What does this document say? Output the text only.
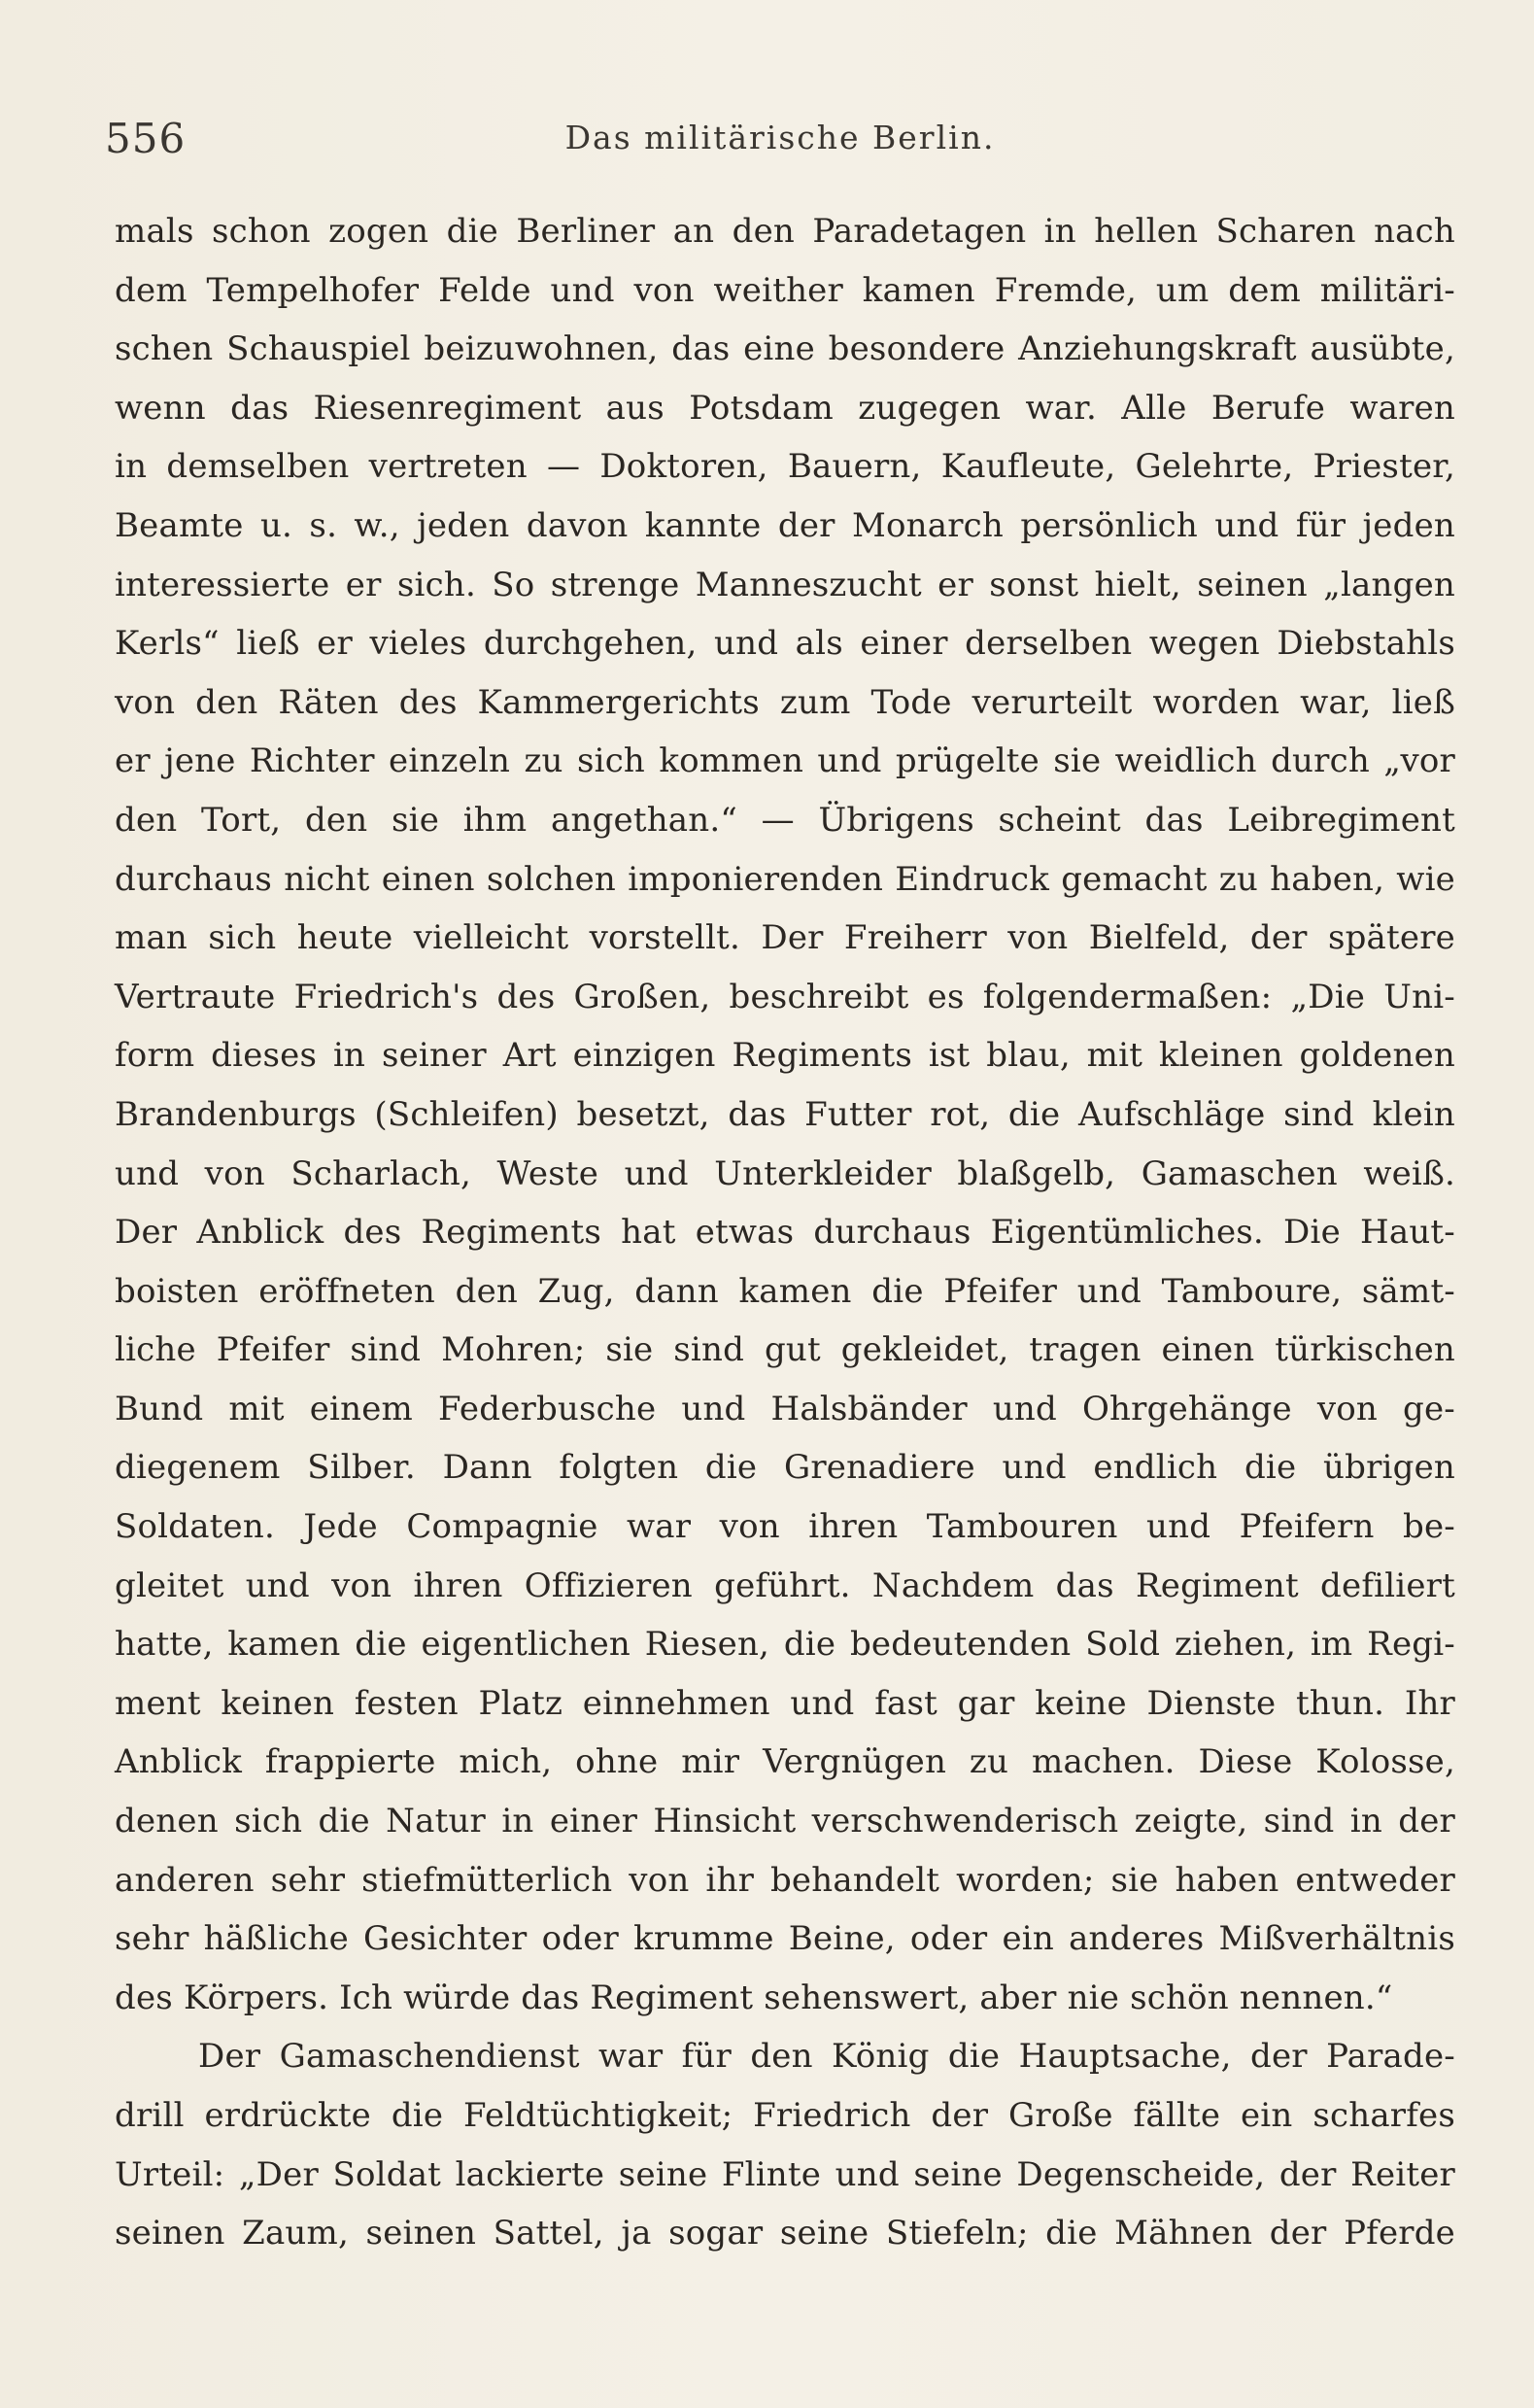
556	Das militärische Berlin.
mals schon zogen die Berliner an den Paradetagen in hellen Scharen nach
dem Tempelhofer Felde und von weither kamen Fremde, um dem militäri-
schen Schauspiel beizuwohnen, das eine besondere Anziehungskraft ausübte,
wenn das Riesenregiment aus Potsdam zugegen war. Alle Berufe waren
in demselben vertreten — Doktoren, Bauern, Kaufleute, Gelehrte, Priester,
Beamte u. s. w., jeden davon kannte der Monarch persönlich und für jeden
interessierte er sich. So strenge Manneszucht er sonst hielt, seinen „langen
Kerls“ ließ er vieles durchgehen, und als einer derselben wegen Diebstahls
von den Räten des Kammergerichts zum Tode verurteilt worden war, ließ
er jene Richter einzeln zu sich kommen und prügelte sie weidlich durch „vor
den Tort, den sie ihm angethan.“ — Übrigens scheint das Leibregiment
durchaus nicht einen solchen imponierenden Eindruck gemacht zu haben, wie
man sich heute vielleicht vorstellt. Der Freiherr von Bielfeld, der spätere
Vertraute Friedrich's des Großen, beschreibt es folgendermaßen: „Die Uni-
form dieses in seiner Art einzigen Regiments ist blau, mit kleinen goldenen
Brandenburgs (Schleifen) besetzt, das Futter rot, die Aufschläge sind klein
und von Scharlach, Weste und Unterkleider blaßgelb, Gamaschen weiß.
Der Anblick des Regiments hat etwas durchaus Eigentümliches. Die Haut-
boisten eröffneten den Zug, dann kamen die Pfeifer und Tamboure, sämt-
liche Pfeifer sind Mohren; sie sind gut gekleidet, tragen einen türkischen
Bund mit einem Federbusche und Halsbänder und Ohrgehänge von ge-
diegenem Silber. Dann folgten die Grenadiere und endlich die übrigen
Soldaten. Jede Compagnie war von ihren Tambouren und Pfeifern be-
gleitet und von ihren Offizieren geführt. Nachdem das Regiment defiliert
hatte, kamen die eigentlichen Riesen, die bedeutenden Sold ziehen, im Regi-
ment keinen festen Platz einnehmen und fast gar keine Dienste thun. Ihr
Anblick frappierte mich, ohne mir Vergnügen zu machen. Diese Kolosse,
denen sich die Natur in einer Hinsicht verschwenderisch zeigte, sind in der
anderen sehr stiefmütterlich von ihr behandelt worden; sie haben entweder
sehr häßliche Gesichter oder krumme Beine, oder ein anderes Mißverhältnis
des Körpers. Ich würde das Regiment sehenswert, aber nie schön nennen.“
Der Gamaschendienst war für den König die Hauptsache, der Parade-
drill erdrückte die Feldtüchtigkeit; Friedrich der Große fällte ein scharfes
Urteil: „Der Soldat lackierte seine Flinte und seine Degenscheide, der Reiter
seinen Zaum, seinen Sattel, ja sogar seine Stiefeln; die Mähnen der Pferde
